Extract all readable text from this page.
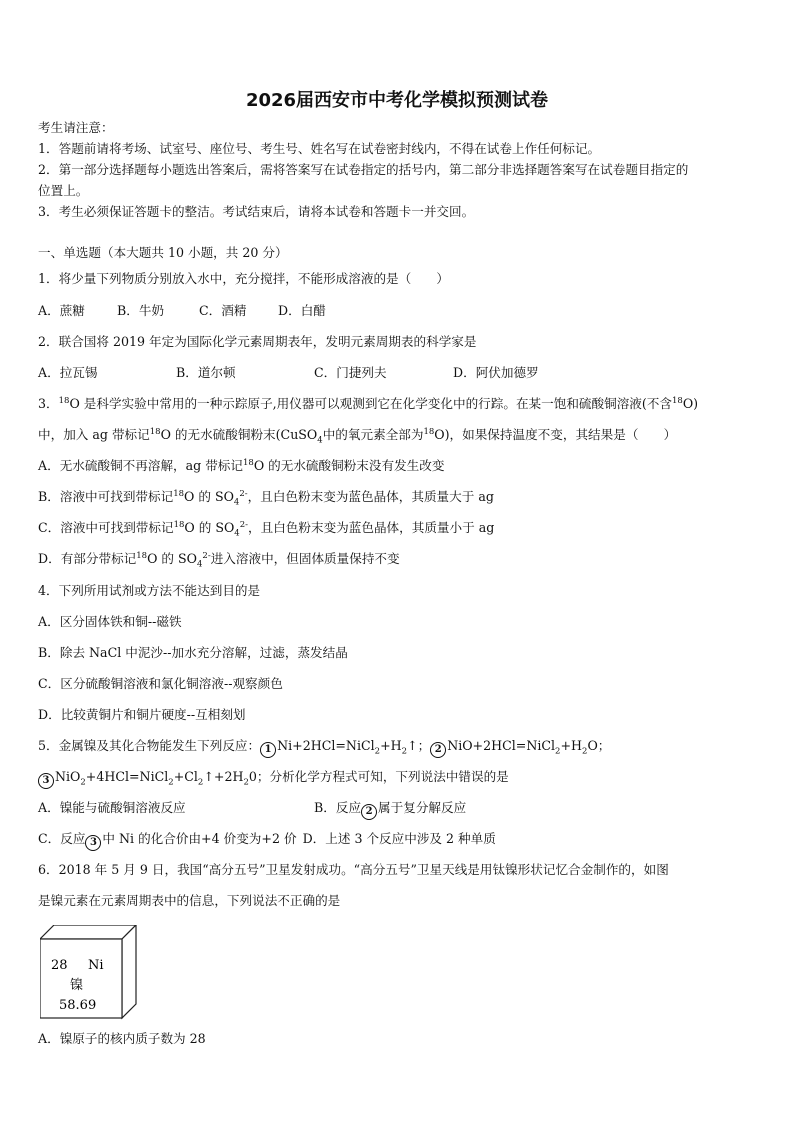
2026届西安市中考化学模拟预测试卷
考生请注意：
1．答题前请将考场、试室号、座位号、考生号、姓名写在试卷密封线内，不得在试卷上作任何标记。
2．第一部分选择题每小题选出答案后，需将答案写在试卷指定的括号内，第二部分非选择题答案写在试卷题目指定的
位置上。
3．考生必须保证答题卡的整洁。考试结束后，请将本试卷和答题卡一并交回。
一、单选题（本大题共 10 小题，共 20 分）
1．将少量下列物质分别放入水中，充分搅拌，不能形成溶液的是（　　）
A．蔗糖	B．牛奶	C．酒精	D．白醋
2．联合国将 2019 年定为国际化学元素周期表年，发明元素周期表的科学家是
A．拉瓦锡	B．道尔顿	C．门捷列夫	D．阿伏加德罗
3．$^{18}$O 是科学实验中常用的一种示踪原子,用仪器可以观测到它在化学变化中的行踪。在某一饱和硫酸铜溶液(不含$^{18}$O)
中，加入 ag 带标记$^{18}$O 的无水硫酸铜粉末(CuSO$_4$中的氧元素全部为$^{18}$O)，如果保持温度不变，其结果是（　　）
A．无水硫酸铜不再溶解，ag 带标记$^{18}$O 的无水硫酸铜粉末没有发生改变
B．溶液中可找到带标记$^{18}$O 的 $SO_4^{2-}$，且白色粉末变为蓝色晶体，其质量大于 ag
C．溶液中可找到带标记$^{18}$O 的 $SO_4^{2-}$，且白色粉末变为蓝色晶体，其质量小于 ag
D．有部分带标记$^{18}$O 的 $SO_4^{2-}$进入溶液中，但固体质量保持不变
4．下列所用试剂或方法不能达到目的是
A．区分固体铁和铜--磁铁
B．除去 NaCl 中泥沙--加水充分溶解，过滤，蒸发结晶
C．区分硫酸铜溶液和氯化铜溶液--观察颜色
D．比较黄铜片和铜片硬度--互相刻划
5．金属镍及其化合物能发生下列反应： 1 $Ni+2HCl=NiCl_2+H_2↑$； 2 $NiO+2HCl=NiCl_2+H_2O$；
3 $NiO_2+4HCl=NiCl_2+Cl_2↑+2H_20$；分析化学方程式可知，下列说法中错误的是
A．镍能与硫酸铜溶液反应	B．反应 2 属于复分解反应
C．反应 3 中 Ni 的化合价由+4 价变为+2 价 D．上述 3 个反应中涉及 2 种单质
6．2018 年 5 月 9 日，我国“高分五号”卫星发射成功。“高分五号”卫星天线是用钛镍形状记忆合金制作的，如图
是镍元素在元素周期表中的信息，下列说法不正确的是
28 Ni
镍
58.69
A．镍原子的核内质子数为 28
